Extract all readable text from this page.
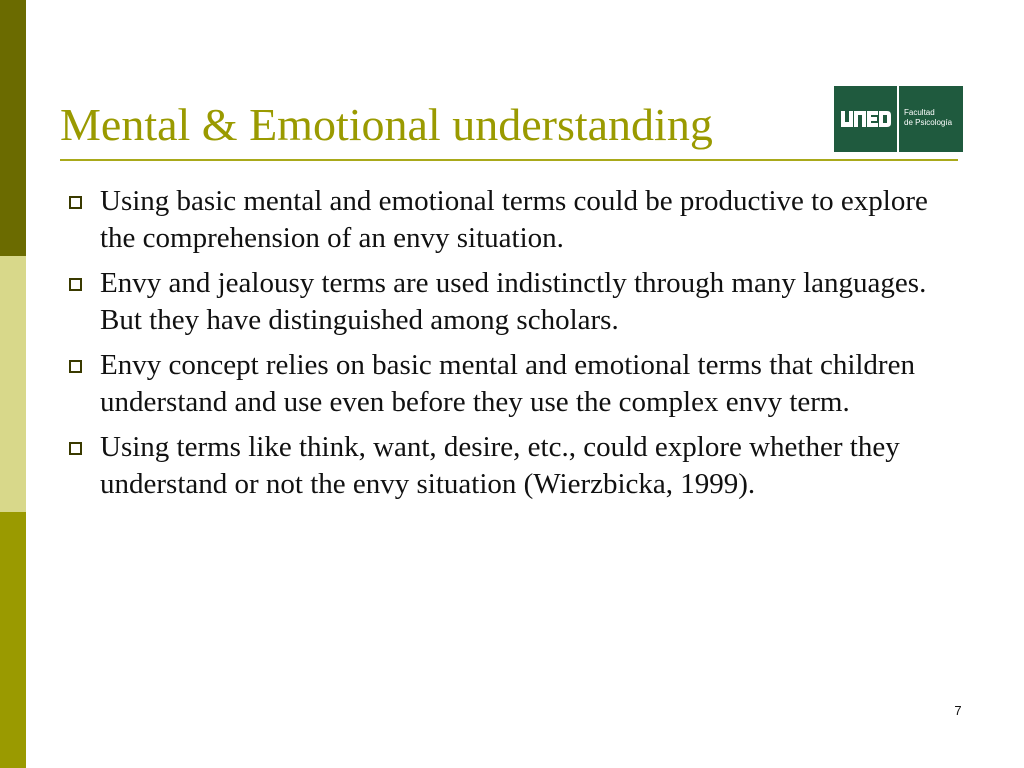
Mental & Emotional understanding	Facultad
de Psicología
Using basic mental and emotional terms could be productive to explore the comprehension of an envy situation.
Envy and jealousy terms are used indistinctly through many languages. But they have distinguished among scholars.
Envy concept relies on basic mental and emotional terms that children understand and use even before they use the complex envy term.
Using terms like think, want, desire, etc., could explore whether they understand or not the envy situation (Wierzbicka, 1999).
7
